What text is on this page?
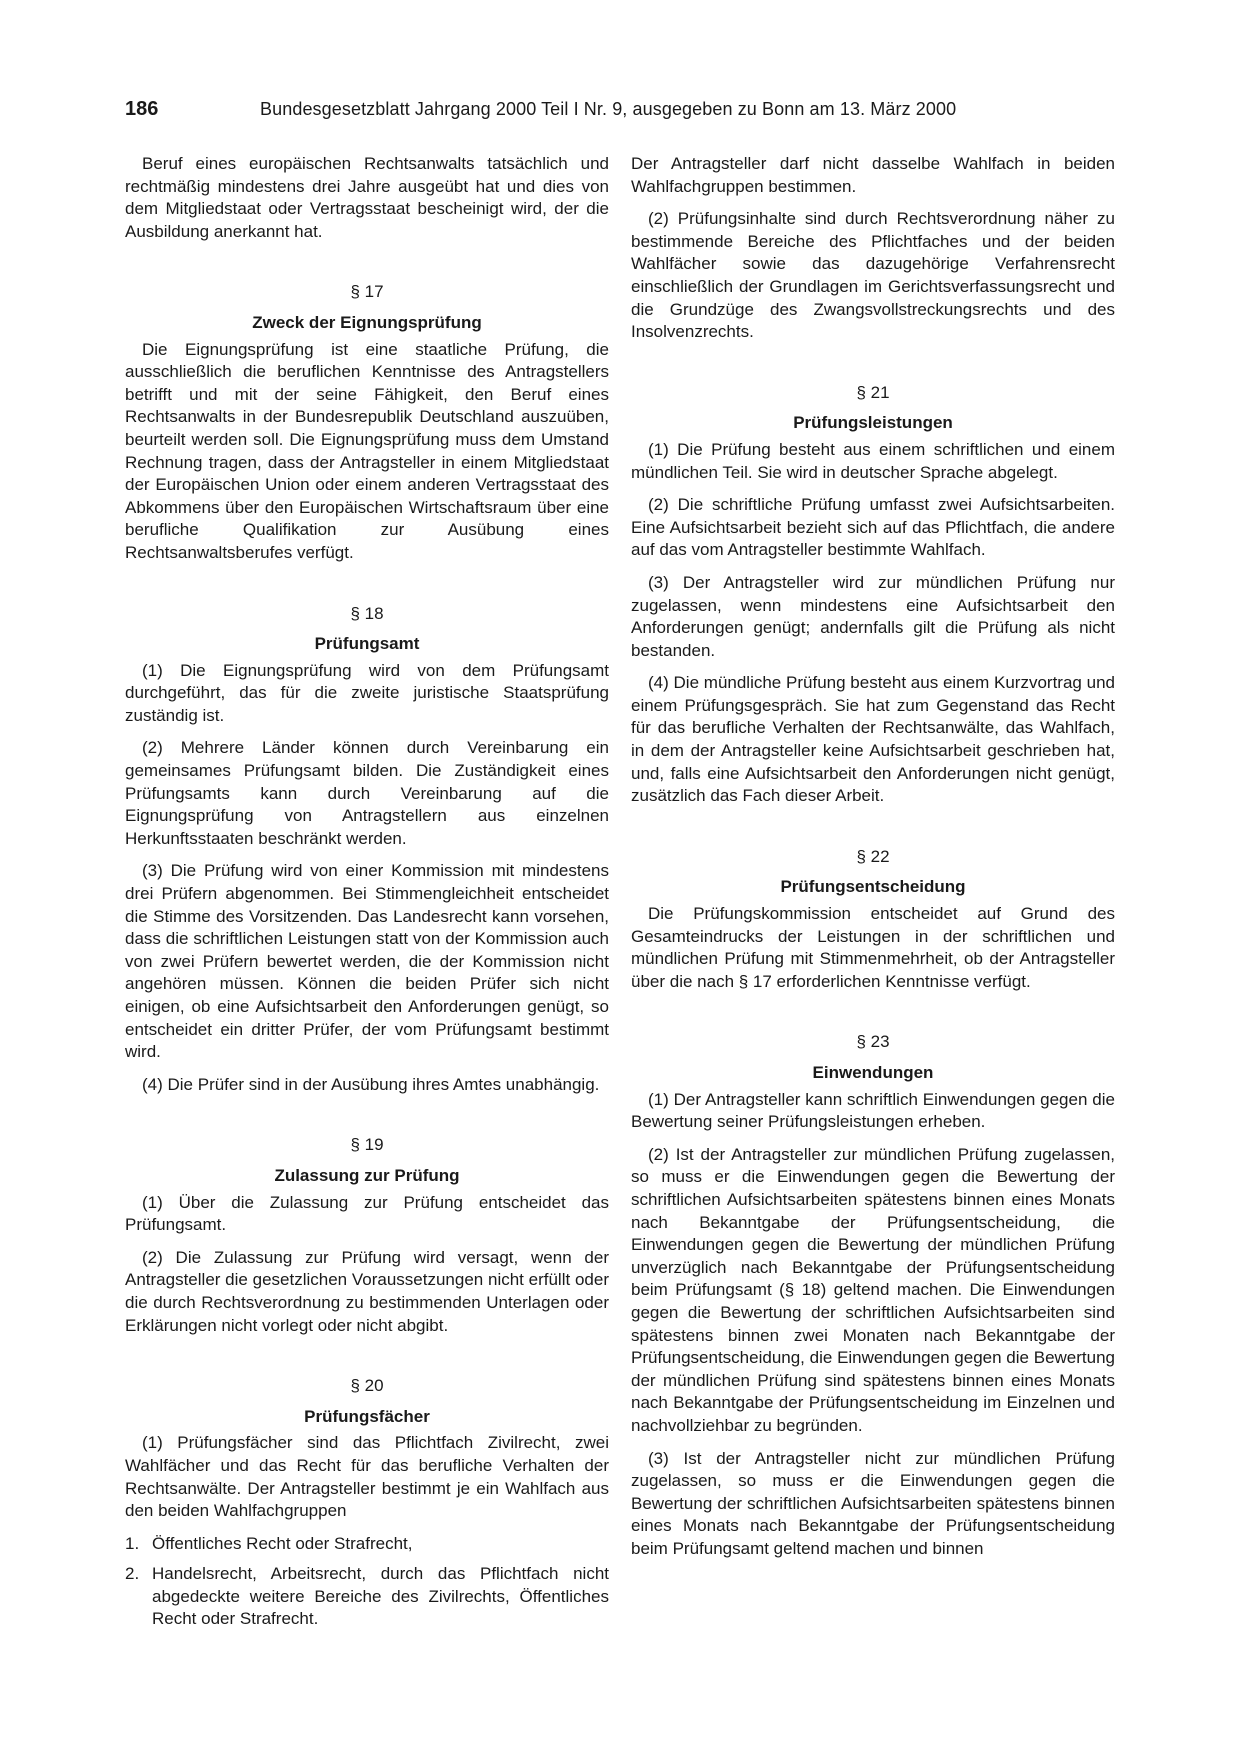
186	Bundesgesetzblatt Jahrgang 2000 Teil I Nr. 9, ausgegeben zu Bonn am 13. März 2000

Beruf eines europäischen Rechtsanwalts tatsächlich und rechtmäßig mindestens drei Jahre ausgeübt hat und dies von dem Mitgliedstaat oder Vertragsstaat bescheinigt wird, der die Ausbildung anerkannt hat.

§ 17
Zweck der Eignungsprüfung

Die Eignungsprüfung ist eine staatliche Prüfung, die ausschließlich die beruflichen Kenntnisse des Antragstellers betrifft und mit der seine Fähigkeit, den Beruf eines Rechtsanwalts in der Bundesrepublik Deutschland auszuüben, beurteilt werden soll. Die Eignungsprüfung muss dem Umstand Rechnung tragen, dass der Antragsteller in einem Mitgliedstaat der Europäischen Union oder einem anderen Vertragsstaat des Abkommens über den Europäischen Wirtschaftsraum über eine berufliche Qualifikation zur Ausübung eines Rechtsanwaltsberufes verfügt.

§ 18
Prüfungsamt

(1) Die Eignungsprüfung wird von dem Prüfungsamt durchgeführt, das für die zweite juristische Staatsprüfung zuständig ist.

(2) Mehrere Länder können durch Vereinbarung ein gemeinsames Prüfungsamt bilden. Die Zuständigkeit eines Prüfungsamts kann durch Vereinbarung auf die Eignungsprüfung von Antragstellern aus einzelnen Herkunftsstaaten beschränkt werden.

(3) Die Prüfung wird von einer Kommission mit mindestens drei Prüfern abgenommen. Bei Stimmengleichheit entscheidet die Stimme des Vorsitzenden. Das Landesrecht kann vorsehen, dass die schriftlichen Leistungen statt von der Kommission auch von zwei Prüfern bewertet werden, die der Kommission nicht angehören müssen. Können die beiden Prüfer sich nicht einigen, ob eine Aufsichtsarbeit den Anforderungen genügt, so entscheidet ein dritter Prüfer, der vom Prüfungsamt bestimmt wird.

(4) Die Prüfer sind in der Ausübung ihres Amtes unabhängig.

§ 19
Zulassung zur Prüfung

(1) Über die Zulassung zur Prüfung entscheidet das Prüfungsamt.

(2) Die Zulassung zur Prüfung wird versagt, wenn der Antragsteller die gesetzlichen Voraussetzungen nicht erfüllt oder die durch Rechtsverordnung zu bestimmenden Unterlagen oder Erklärungen nicht vorlegt oder nicht abgibt.

§ 20
Prüfungsfächer

(1) Prüfungsfächer sind das Pflichtfach Zivilrecht, zwei Wahlfächer und das Recht für das berufliche Verhalten der Rechtsanwälte. Der Antragsteller bestimmt je ein Wahlfach aus den beiden Wahlfachgruppen

1. Öffentliches Recht oder Strafrecht,
2. Handelsrecht, Arbeitsrecht, durch das Pflichtfach nicht abgedeckte weitere Bereiche des Zivilrechts, Öffentliches Recht oder Strafrecht.

Der Antragsteller darf nicht dasselbe Wahlfach in beiden Wahlfachgruppen bestimmen.

(2) Prüfungsinhalte sind durch Rechtsverordnung näher zu bestimmende Bereiche des Pflichtfaches und der beiden Wahlfächer sowie das dazugehörige Verfahrensrecht einschließlich der Grundlagen im Gerichtsverfassungsrecht und die Grundzüge des Zwangsvollstreckungsrechts und des Insolvenzrechts.

§ 21
Prüfungsleistungen

(1) Die Prüfung besteht aus einem schriftlichen und einem mündlichen Teil. Sie wird in deutscher Sprache abgelegt.

(2) Die schriftliche Prüfung umfasst zwei Aufsichtsarbeiten. Eine Aufsichtsarbeit bezieht sich auf das Pflichtfach, die andere auf das vom Antragsteller bestimmte Wahlfach.

(3) Der Antragsteller wird zur mündlichen Prüfung nur zugelassen, wenn mindestens eine Aufsichtsarbeit den Anforderungen genügt; andernfalls gilt die Prüfung als nicht bestanden.

(4) Die mündliche Prüfung besteht aus einem Kurzvortrag und einem Prüfungsgespräch. Sie hat zum Gegenstand das Recht für das berufliche Verhalten der Rechtsanwälte, das Wahlfach, in dem der Antragsteller keine Aufsichtsarbeit geschrieben hat, und, falls eine Aufsichtsarbeit den Anforderungen nicht genügt, zusätzlich das Fach dieser Arbeit.

§ 22
Prüfungsentscheidung

Die Prüfungskommission entscheidet auf Grund des Gesamteindrucks der Leistungen in der schriftlichen und mündlichen Prüfung mit Stimmenmehrheit, ob der Antragsteller über die nach § 17 erforderlichen Kenntnisse verfügt.

§ 23
Einwendungen

(1) Der Antragsteller kann schriftlich Einwendungen gegen die Bewertung seiner Prüfungsleistungen erheben.

(2) Ist der Antragsteller zur mündlichen Prüfung zugelassen, so muss er die Einwendungen gegen die Bewertung der schriftlichen Aufsichtsarbeiten spätestens binnen eines Monats nach Bekanntgabe der Prüfungsentscheidung, die Einwendungen gegen die Bewertung der mündlichen Prüfung unverzüglich nach Bekanntgabe der Prüfungsentscheidung beim Prüfungsamt (§ 18) geltend machen. Die Einwendungen gegen die Bewertung der schriftlichen Aufsichtsarbeiten sind spätestens binnen zwei Monaten nach Bekanntgabe der Prüfungsentscheidung, die Einwendungen gegen die Bewertung der mündlichen Prüfung sind spätestens binnen eines Monats nach Bekanntgabe der Prüfungsentscheidung im Einzelnen und nachvollziehbar zu begründen.

(3) Ist der Antragsteller nicht zur mündlichen Prüfung zugelassen, so muss er die Einwendungen gegen die Bewertung der schriftlichen Aufsichtsarbeiten spätestens binnen eines Monats nach Bekanntgabe der Prüfungsentscheidung beim Prüfungsamt geltend machen und binnen
